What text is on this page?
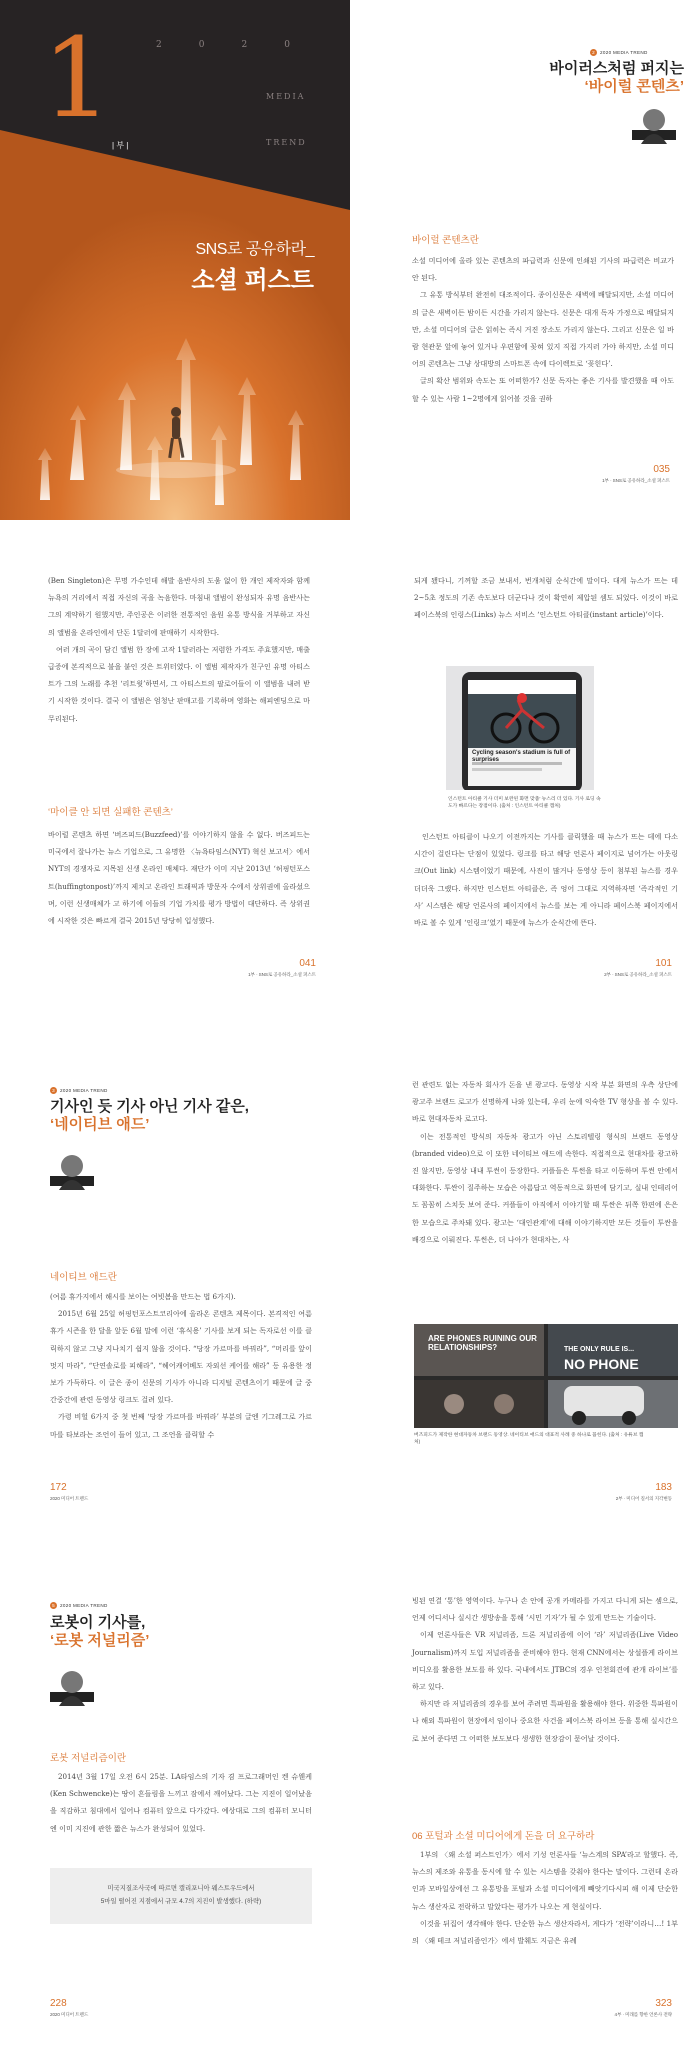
1
| 부 |
2	0	2	0
MEDIA
TREND
SNS로 공유하라_
소셜 퍼스트
2	2020 MEDIA TREND
바이러스처럼 퍼지는
‘바이럴 콘텐츠’
바이럴 콘텐츠란

소셜 미디어에 올라 있는 콘텐츠의 파급력과 신문에 인쇄된 기사의 파급력은 비교가 안 된다.

그 유통 방식부터 완전히 대조적이다. 종이신문은 새벽에 배달되지만, 소셜 미디어의 글은 새벽이든 밤이든 시간을 가리지 않는다. 신문은 대개 독자 가정으로 배달되지만, 소셜 미디어의 글은 읽히는 즉시 거진 장소도 가리지 않는다. 그리고 신문은 일 바람 현관문 앞에 놓여 있거나 우편함에 꽂혀 있지 직접 가지러 가야 하지만, 소셜 미디어의 콘텐츠는 그냥 상대방의 스마트폰 속에 다이렉트로 ‘꽂힌다’.

글의 확산 범위와 속도는 또 어떠한가? 신문 독자는 좋은 기사를 발견했을 때 아도 할 수 있는 사람 1~2명에게 읽어볼 것을 권하

035
1부 · SNS로 공유하라_소셜 퍼스트

(Ben Singleton)은 무명 가수인데 해발 음반사의 도움 없이 한 개인 제작자와 함께 뉴욕의 거리에서 직접 자신의 곡을 녹음한다. 마침내 앨범이 완성되자 유명 음반사는 그의 계약하기 원했지만, 주인공은 이러한 전통적인 음원 유통 방식을 거부하고 자신의 앨범을 온라인에서 단돈 1달러에 판매하기 시작한다.

여러 개의 곡이 담긴 앨범 한 장에 고작 1달러라는 저렴한 가격도 주효했지만, 매출 급증에 본격적으로 불을 붙인 것은 트위터였다. 이 앨범 제작자가 친구인 유명 아티스트가 그의 노래를 추천 ‘리트윗’하면서, 그 아티스트의 팔로어들이 이 앨범을 내려 받기 시작한 것이다. 결국 이 앨범은 엄청난 판매고를 기록하며 영화는 해피엔딩으로 마무리된다.

‘마이클 안 되면 실패한 콘텐츠’

바이럴 콘텐츠 하면 ‘버즈피드(Buzzfeed)’를 이야기하지 않을 수 없다. 버즈피드는 미국에서 잘나가는 뉴스 기업으로, 그 유명한 〈뉴욕타임스(NYT) 혁신 보고서〉에서 NYT의 경쟁자로 지목된 신생 온라인 매체다. 재단가 이미 지난 2013년 ‘허핑턴포스트(huffingtonpost)’까지 제치고 온라인 트래픽과 방문자 수에서 상위권에 올라섰으며, 이런 신생매체가 고 하기에 이들의 기업 가치를 평가 방법이 대단하다. 즉 상위권에 시작한 것은 빠르게 결국 2015년 당당히 입성했다.

041
1부 · SNS로 공유하라_소셜 퍼스트

되게 됐다니, 기꺼할 조금 보내서, 번개처럼 순식간에 말이다. 대게 뉴스가 뜨는 데 2~5초 정도의 기존 속도보다 더군다나 것이 확연히 제압된 셈도 되었다. 이것이 바로 페이스북의 인링스(Links) 뉴스 서비스 ‘인스턴트 아티클(instant article)’이다.

Cycling season's stadium is full of surprises
인스턴트 아티클 기사 더미 보완된 화면 맞춤’ 뉴스리 더 있다. 기사 로딩 속도가 빠르다는 장점이다. (출처 : 인스턴트 아티클 캡처)

인스턴트 아티클이 나오기 이전까지는 기사를 클릭했을 때 뉴스가 뜨는 데에 다소 시간이 걸린다는 단점이 있었다. 링크를 타고 해당 언론사 페이지로 넘어가는 아웃링크(Out link) 시스템이었기 때문에, 사진이 많거나 동영상 등이 첨부된 뉴스를 경우 더더욱 그랬다. 하지만 인스턴트 아티클은, 즉 엉어 그대로 지역하자면 ‘즉각적인 기사’ 시스템은 해당 언론사의 페이지에서 뉴스를 보는 게 아니라 페이스북 페이지에서 바로 볼 수 있게 ‘인링크’였기 때문에 뉴스가 순식간에 뜬다.

101
2부 · SNS로 공유하라_소셜 퍼스트
3	2020 MEDIA TREND
기사인 듯 기사 아닌 기사 같은,
‘네이티브 애드’
네이티브 애드란

(여름 휴가지에서 해시를 보이는 여빗봄을 만드는 법 6가지).

2015년 6월 25일 허핑턴포스트코리아에 올라온 콘텐츠 제목이다. 본격적인 여름휴가 시즌을 한 달을 앞둔 6월 말에 이런 ‘휴식용’ 기사를 보게 되는 독자로선 이를 클릭하지 않고 그냥 지나치기 쉽지 않을 것이다. “당장 가르마를 바꿔라”, “머리를 앞이 멋지 마라”, “단연솔로를 피해라”, “헤어캐어베도 자외선 케어를 해라” 등 유용한 정보가 가득하다. 이 글은 종이 신문의 기사가 아니라 디지털 콘텐츠이기 때문에 글 중간중간에 관련 동영상 링크도 걸려 있다.

가령 비헐 6가지 중 첫 번째 ‘당장 가르마를 바꿔라’ 부분의 글엔 기그레그로 가르마를 타보라는 조언이 들어 있고, 그 조언을 클릭할 수

172
2020 미디어 트렌드

런 관련도 없는 자동차 회사가 돈을 낸 광고다. 동영상 시작 부분 화면의 우측 상단에 광고주 브랜드 로고가 선명하게 나와 있는데, 우리 눈에 익숙한 TV 형상을 볼 수 있다. 바로 현대자동차 로고다.

이는 전통적인 방식의 자동차 광고가 아닌 스토리텔링 형식의 브랜드 동영상(branded video)으로 이 또한 네이티브 애드에 속한다. 직접적으로 현대차를 광고하진 않지만, 동영상 내내 투썬이 등장한다. 커플들은 투썬을 타고 이동하며 투썬 안에서 대화한다. 투싼이 질주하는 모습은 아름답고 역동적으로 화면에 담기고, 실내 인테리어도 꼼꼼히 스치듯 보여 준다. 커플들이 아직에서 이야기할 때 투싼은 뒤쪽 한편에 은은한 모습으로 주차돼 있다. 광고는 ‘대인관계’에 대해 이야기하지만 모든 것들이 투싼을 배경으로 이뤄진다. 투썬은, 더 나아가 현대차는, 사

ARE PHONES RUINING OUR RELATIONSHIPS?	THE ONLY RULE IS...
NO PHONE
버즈피드가 제작한 현대자동차 브랜드 동영상. 네이티브 애드의 대표적 사례 중 하나로 꼽힌다. (출처 : 유튜브 캡처)
183
2부 · 미디어 질서의 지각변동
5	2020 MEDIA TREND
로봇이 기사를,
‘로봇 저널리즘’
로봇 저널리즘이란

2014년 3월 17일 오전 6시 25분. LA타임스의 기자 겸 프로그래머인 켄 슈웬케(Ken Schwencke)는 땅이 흔들림을 느끼고 잠에서 깨어났다. 그는 지진이 일어났음을 직감하고 침대에서 일어나 컴퓨터 앞으로 다가갔다. 예상대로 그의 컴퓨터 모니터엔 이미 지진에 관한 짧은 뉴스가 완성되어 있었다.

미국지질조사국에 따르면 캘리포니아 웨스트우드에서
5마일 떨어진 지점에서 규모 4.7의 지진이 발생했다. (하략)
228
2020 미디어 트렌드

빙된 연결 ‘통’한 영역이다. 누구나 손 안에 공개 카메라를 가지고 다니게 되는 셈으로, 언제 어디서나 실시간 생방송을 통해 ‘시민 기자’가 될 수 있게 만드는 기술이다.

이제 언론사들은 VR 저널리즘, 드론 저널리즘에 이어 ‘라’ 저널리즘(Live Video Journalism)까지 도입 저널리즘을 준비해야 한다. 현재 CNN에서는 상설플게 라이브 비디오를 활용한 보도를 하 있다. 국내에서도 JTBC의 경우 인천회견에 관개 라이브’를 하고 있다.

하지만 라 저널리즘의 경우를 보여 주려면 특파원을 활용해야 한다. 위중한 특파원이나 해외 특파원이 현장에서 임이나 중요한 사건을 페이스북 라이브 등을 통해 실시간으로 보여 준다면 그 어떠한 보도보다 생생한 현장감이 묻어날 것이다.

06 포털과 소셜 미디어에게 돈을 더 요구하라

1부의 〈왜 소셜 퍼스트인가〉에서 기성 언론사들 ‘뉴스계의 SPA’라고 할했다. 즉, 뉴스의 제조와 유통을 동시에 할 수 있는 시스템을 갖춰야 한다는 말이다. 그런데 온라인과 모바일상에선 그 유통망을 포털과 소셜 미디어에게 빼앗기다시피 해 이제 단순한 뉴스 생산자로 전락하고 말았다는 평가가 나오는 게 현실이다.

이것을 뒤집어 생각해야 한다. 단순한 뉴스 생산자라서, 게다가 ‘전략’이라니…! 1부의 〈왜 테크 저널리즘인가〉에서 발췌도 지금은 유례

323
4부 · 미래를 향한 언론사 전략
